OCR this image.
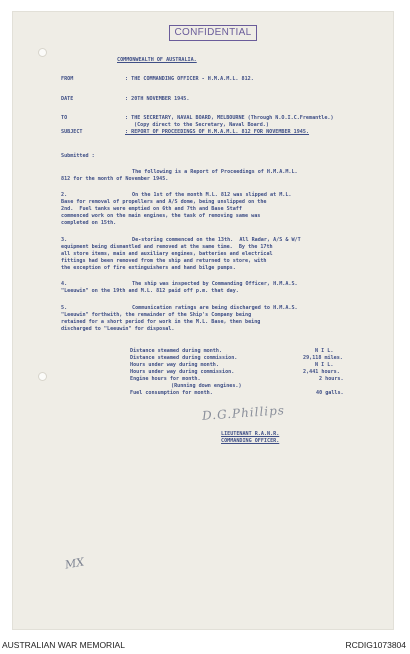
CONFIDENTIAL
COMMONWEALTH OF AUSTRALIA.
FROM	: THE COMMANDING OFFICER - H.M.A.M.L. 812.
DATE	: 20TH NOVEMBER 1945.
TO	: THE SECRETARY, NAVAL BOARD, MELBOURNE (Through N.O.I.C.Fremantle.)
(Copy direct to the Secretary, Naval Board.)
SUBJECT	: REPORT OF PROCEEDINGS OF H.M.A.M.L. 812 FOR NOVEMBER 1945.
Submitted :
The following is a Report of Proceedings of H.M.A.M.L.
812 for the month of November 1945.
2.	On the 1st of the month M.L. 812 was slipped at M.L.
Base for removal of propellers and A/S dome, being unslipped on the
2nd.  Fuel tanks were emptied on 6th and 7th and Base Staff
commenced work on the main engines, the task of removing same was
completed on 15th.
3.	De-storing commenced on the 13th.  All Radar, A/S & W/T
equipment being dismantled and removed at the same time.  By the 17th
all store items, main and auxiliary engines, batteries and electrical
fittings had been removed from the ship and returned to store, with
the exception of fire extinguishers and hand bilge pumps.
4.	The ship was inspected by Commanding Officer, H.M.A.S.
"Leeuwin" on the 19th and M.L. 812 paid off p.m. that day.
5.	Communication ratings are being discharged to H.M.A.S.
"Leeuwin" forthwith, the remainder of the Ship's Company being
retained for a short period for work in the M.L. Base, then being
discharged to "Leeuwin" for disposal.
Distance steamed during month.	N I L.
Distance steamed during commission.	29,118 miles.
Hours under way during month.	N I L.
Hours under way during commission.	2,441 hours.
Engine hours for month.	2 hours.
(Running down engines.)
Fuel consumption for month.	40 galls.
D.G.Phillips
LIEUTENANT R.A.N.R.
COMMANDING OFFICER.
MX
AUSTRALIAN WAR MEMORIAL	RCDIG1073804
